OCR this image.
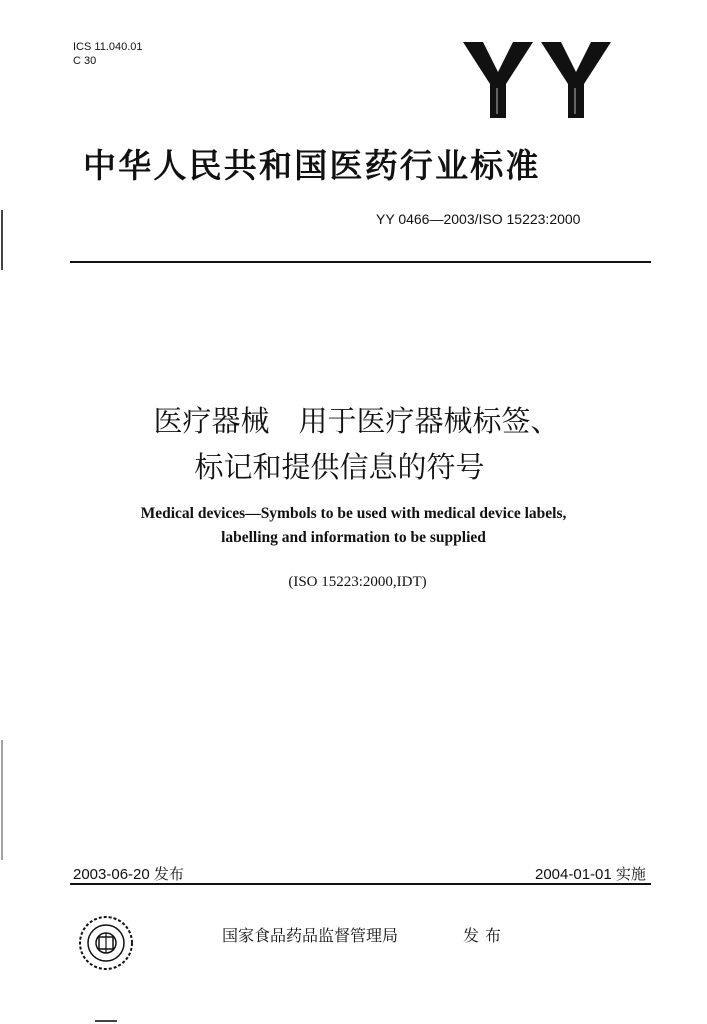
ICS 11.040.01
C 30
中华人民共和国医药行业标准
YY 0466—2003/ISO 15223:2000
医疗器械　用于医疗器械标签、
标记和提供信息的符号
Medical devices—Symbols to be used with medical device labels,
labelling and information to be supplied
(ISO 15223:2000,IDT)
2003-06-20 发布	2004-01-01 实施
国家食品药品监督管理局	发布
